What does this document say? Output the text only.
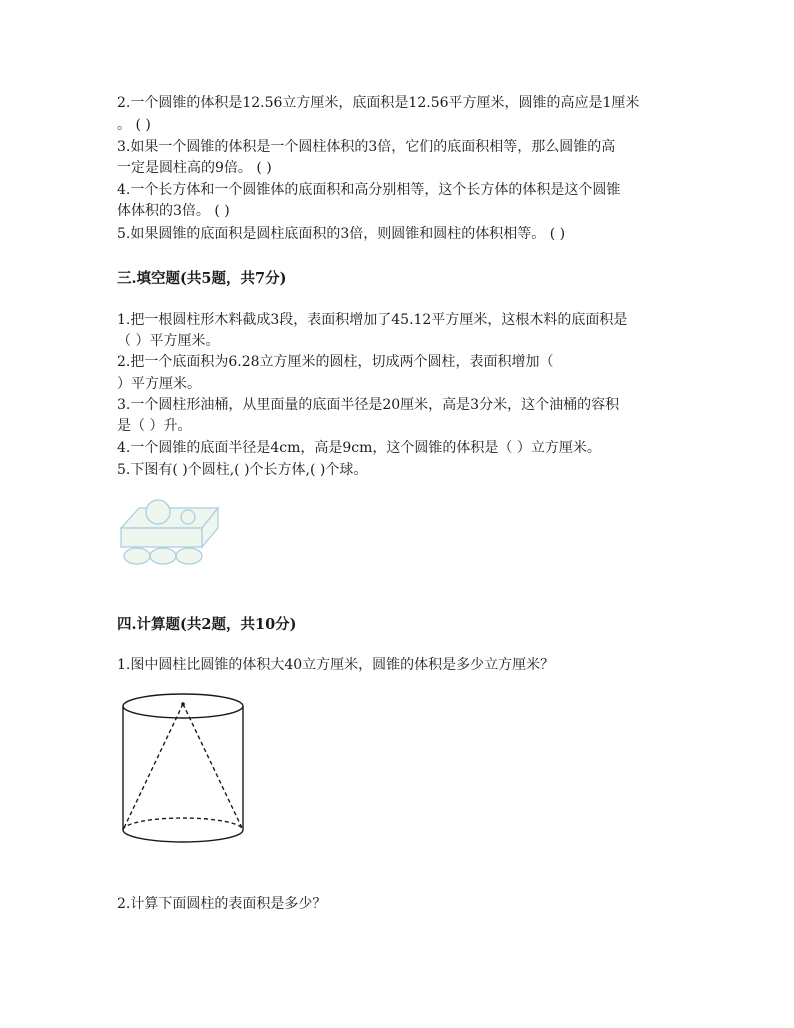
2.一个圆锥的体积是12.56立方厘米，底面积是12.56平方厘米，圆锥的高应是1厘米
。 ( )
3.如果一个圆锥的体积是一个圆柱体积的3倍，它们的底面积相等，那么圆锥的高
一定是圆柱高的9倍。 ( )
4.一个长方体和一个圆锥体的底面积和高分别相等，这个长方体的体积是这个圆锥
体体积的3倍。 ( )
5.如果圆锥的底面积是圆柱底面积的3倍，则圆锥和圆柱的体积相等。 ( )
三.填空题(共5题，共7分)
1.把一根圆柱形木料截成3段，表面积增加了45.12平方厘米，这根木料的底面积是
（ ）平方厘米。
2.把一个底面积为6.28立方厘米的圆柱，切成两个圆柱，表面积增加（
）平方厘米。
3.一个圆柱形油桶，从里面量的底面半径是20厘米，高是3分米，这个油桶的容积
是（ ）升。
4.一个圆锥的底面半径是4cm，高是9cm，这个圆锥的体积是（ ）立方厘米。
5.下图有( )个圆柱,( )个长方体,( )个球。
四.计算题(共2题，共10分)
1.图中圆柱比圆锥的体积大40立方厘米，圆锥的体积是多少立方厘米？
2.计算下面圆柱的表面积是多少？
